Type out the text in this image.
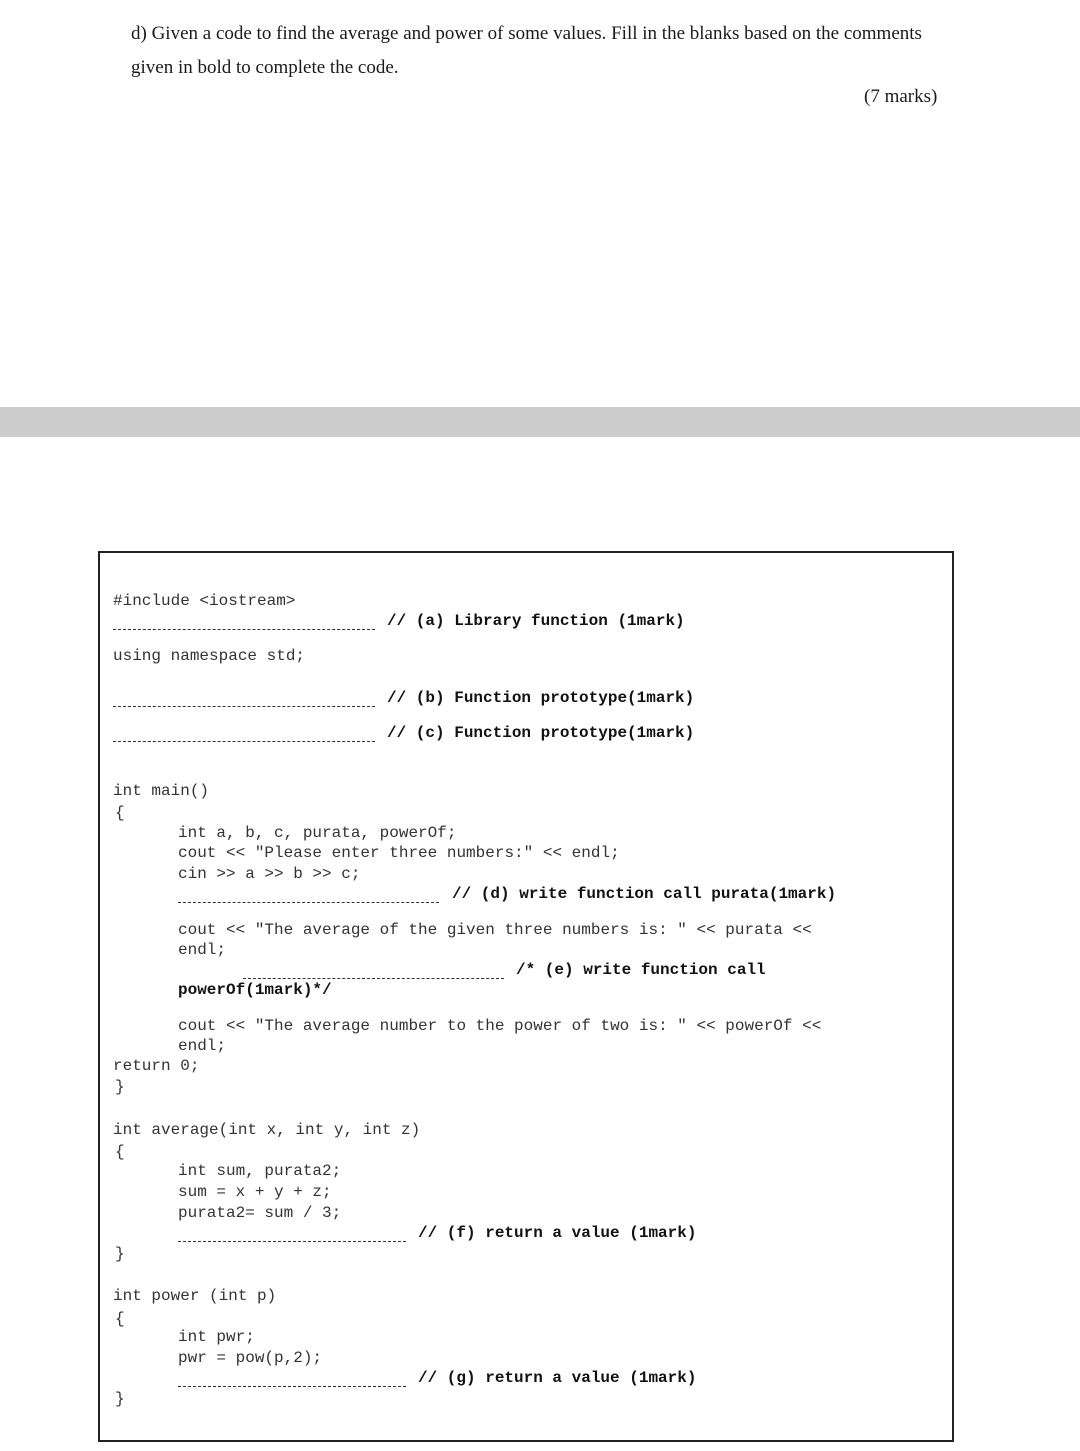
d) Given a code to find the average and power of some values. Fill in the blanks based on the comments

given in bold to complete the code.

(7 marks)
#include <iostream>
// (a) Library function (1mark)
using namespace std;
// (b) Function prototype(1mark)
// (c) Function prototype(1mark)
int main()
{
int a, b, c, purata, powerOf;
cout << "Please enter three numbers:" << endl;
cin >> a >> b >> c;
// (d) write function call purata(1mark)
cout << "The average of the given three numbers is: " << purata <<
endl;
/* (e) write function call
powerOf(1mark)*/
cout << "The average number to the power of two is: " << powerOf <<
endl;
return 0;
}
int average(int x, int y, int z)
{
int sum, purata2;
sum = x + y + z;
purata2= sum / 3;
// (f) return a value (1mark)
}
int power (int p)
{
int pwr;
pwr = pow(p,2);
// (g) return a value (1mark)
}
